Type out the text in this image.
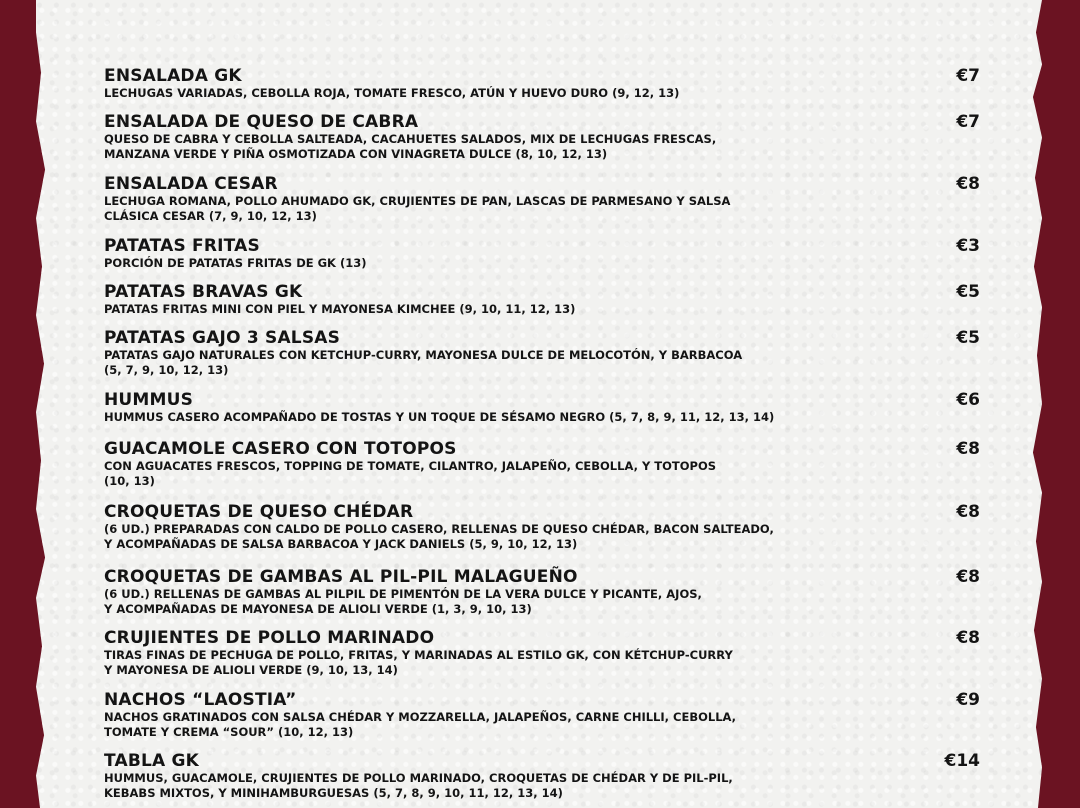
ENSALADA GK	€7
LECHUGAS VARIADAS, CEBOLLA ROJA, TOMATE FRESCO, ATÚN Y HUEVO DURO (9, 12, 13)
ENSALADA DE QUESO DE CABRA	€7
QUESO DE CABRA Y CEBOLLA SALTEADA, CACAHUETES SALADOS, MIX DE LECHUGAS FRESCAS,
MANZANA VERDE Y PIÑA OSMOTIZADA CON VINAGRETA DULCE (8, 10, 12, 13)
ENSALADA CESAR	€8
LECHUGA ROMANA, POLLO AHUMADO GK, CRUJIENTES DE PAN, LASCAS DE PARMESANO Y SALSA
CLÁSICA CESAR (7, 9, 10, 12, 13)
PATATAS FRITAS	€3
PORCIÓN DE PATATAS FRITAS DE GK (13)
PATATAS BRAVAS GK	€5
PATATAS FRITAS MINI CON PIEL Y MAYONESA KIMCHEE (9, 10, 11, 12, 13)
PATATAS GAJO 3 SALSAS	€5
PATATAS GAJO NATURALES CON KETCHUP-CURRY, MAYONESA DULCE DE MELOCOTÓN, Y BARBACOA
(5, 7, 9, 10, 12, 13)
HUMMUS	€6
HUMMUS CASERO ACOMPAÑADO DE TOSTAS Y UN TOQUE DE SÉSAMO NEGRO (5, 7, 8, 9, 11, 12, 13, 14)
GUACAMOLE CASERO CON TOTOPOS	€8
CON AGUACATES FRESCOS, TOPPING DE TOMATE, CILANTRO, JALAPEÑO, CEBOLLA, Y TOTOPOS
(10, 13)
CROQUETAS DE QUESO CHÉDAR	€8
(6 UD.) PREPARADAS CON CALDO DE POLLO CASERO, RELLENAS DE QUESO CHÉDAR, BACON SALTEADO,
Y ACOMPAÑADAS DE SALSA BARBACOA Y JACK DANIELS (5, 9, 10, 12, 13)
CROQUETAS DE GAMBAS AL PIL-PIL MALAGUEÑO	€8
(6 UD.) RELLENAS DE GAMBAS AL PILPIL DE PIMENTÓN DE LA VERA DULCE Y PICANTE, AJOS,
Y ACOMPAÑADAS DE MAYONESA DE ALIOLI VERDE (1, 3, 9, 10, 13)
CRUJIENTES DE POLLO MARINADO	€8
TIRAS FINAS DE PECHUGA DE POLLO, FRITAS, Y MARINADAS AL ESTILO GK, CON KÉTCHUP-CURRY
Y MAYONESA DE ALIOLI VERDE (9, 10, 13, 14)
NACHOS “LAOSTIA”	€9
NACHOS GRATINADOS CON SALSA CHÉDAR Y MOZZARELLA, JALAPEÑOS, CARNE CHILLI, CEBOLLA,
TOMATE Y CREMA “SOUR” (10, 12, 13)
TABLA GK	€14
HUMMUS, GUACAMOLE, CRUJIENTES DE POLLO MARINADO, CROQUETAS DE CHÉDAR Y DE PIL-PIL,
KEBABS MIXTOS, Y MINIHAMBURGUESAS (5, 7, 8, 9, 10, 11, 12, 13, 14)
